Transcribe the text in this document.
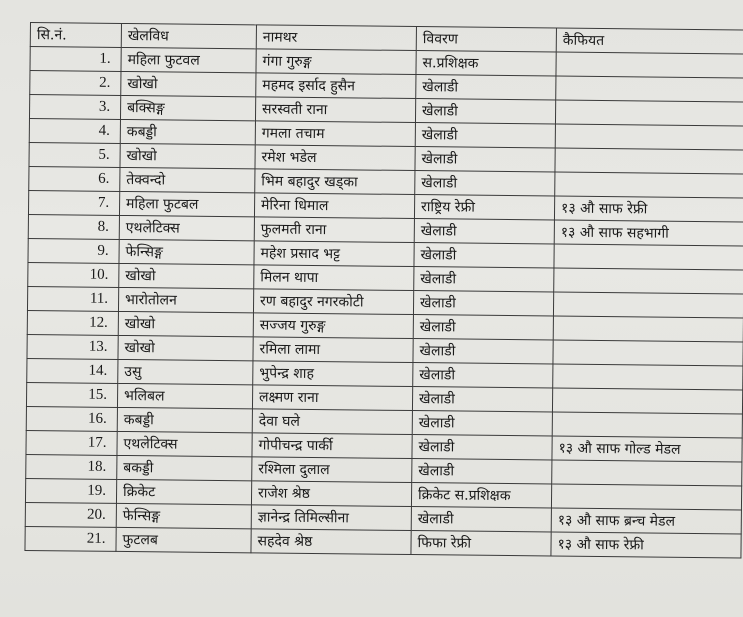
सि.नं.	खेलविध	नामथर	विवरण	कैफियत
1.	महिला फुटवल	गंगा गुरुङ्ग	स.प्रशिक्षक	
2.	खोखो	महमद इर्साद हुसैन	खेलाडी	
3.	बक्सिङ्ग	सरस्वती राना	खेलाडी	
4.	कबड्डी	गमला तचाम	खेलाडी	
5.	खोखो	रमेश भडेल	खेलाडी	
6.	तेक्वन्दो	भिम बहादुर खड्का	खेलाडी	
7.	महिला फुटबल	मेरिना धिमाल	राष्ट्रिय रेफ्री	१३ औ साफ रेफ्री
8.	एथलेटिक्स	फुलमती राना	खेलाडी	१३ औ साफ सहभागी
9.	फेन्सिङ्ग	महेश प्रसाद भट्ट	खेलाडी	
10.	खोखो	मिलन थापा	खेलाडी	
11.	भारोतोलन	रण बहादुर नगरकोटी	खेलाडी	
12.	खोखो	सज्जय गुरुङ्ग	खेलाडी	
13.	खोखो	रमिला लामा	खेलाडी	
14.	उसु	भुपेन्द्र शाह	खेलाडी	
15.	भलिबल	लक्ष्मण राना	खेलाडी	
16.	कबड्डी	देवा घले	खेलाडी	
17.	एथलेटिक्स	गोपीचन्द्र पार्की	खेलाडी	१३ औ साफ गोल्ड मेडल
18.	बकड्डी	रश्मिला दुलाल	खेलाडी	
19.	क्रिकेट	राजेश श्रेष्ठ	क्रिकेट स.प्रशिक्षक	
20.	फेन्सिङ्ग	ज्ञानेन्द्र तिमिल्सीना	खेलाडी	१३ औ साफ ब्रन्च मेडल
21.	फुटलब	सहदेव श्रेष्ठ	फिफा रेफ्री	१३ औ साफ रेफ्री
